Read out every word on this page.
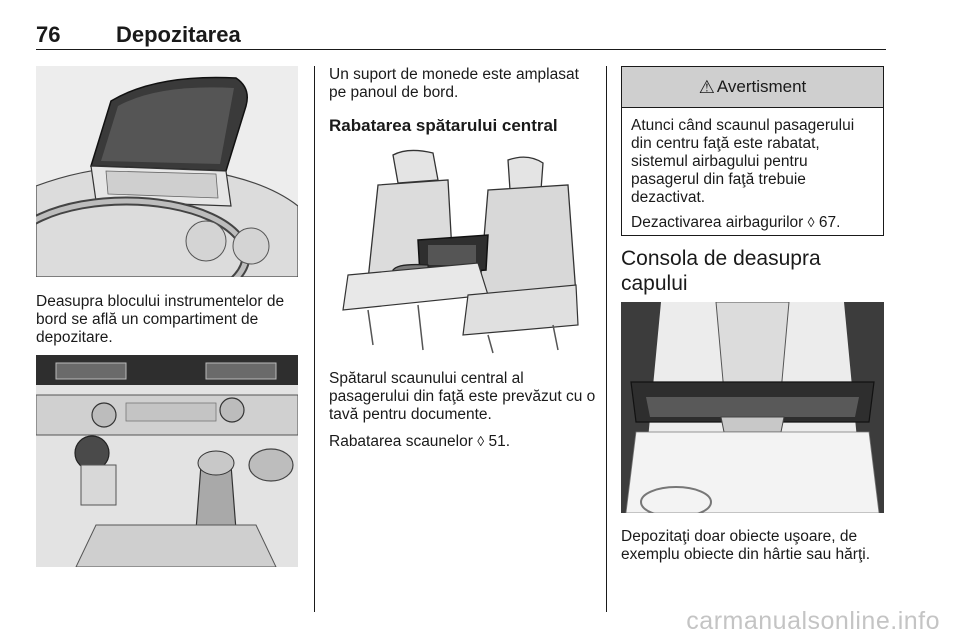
76	Depozitarea

Deasupra blocului instrumentelor de bord se află un compartiment de depozitare.

Un suport de monede este amplasat pe panoul de bord.

Rabatarea spătarului central

Spătarul scaunului central al pasagerului din faţă este prevăzut cu o tavă pentru documente.

Rabatarea scaunelor ◊ 51.

⚠ Avertisment

Atunci când scaunul pasagerului din centru faţă este rabatat, sistemul airbagului pentru pasagerul din faţă trebuie dezactivat.

Dezactivarea airbagurilor ◊ 67.

Consola de deasupra capului

Depozitaţi doar obiecte uşoare, de exemplu obiecte din hârtie sau hărţi.

carmanualsonline.info
